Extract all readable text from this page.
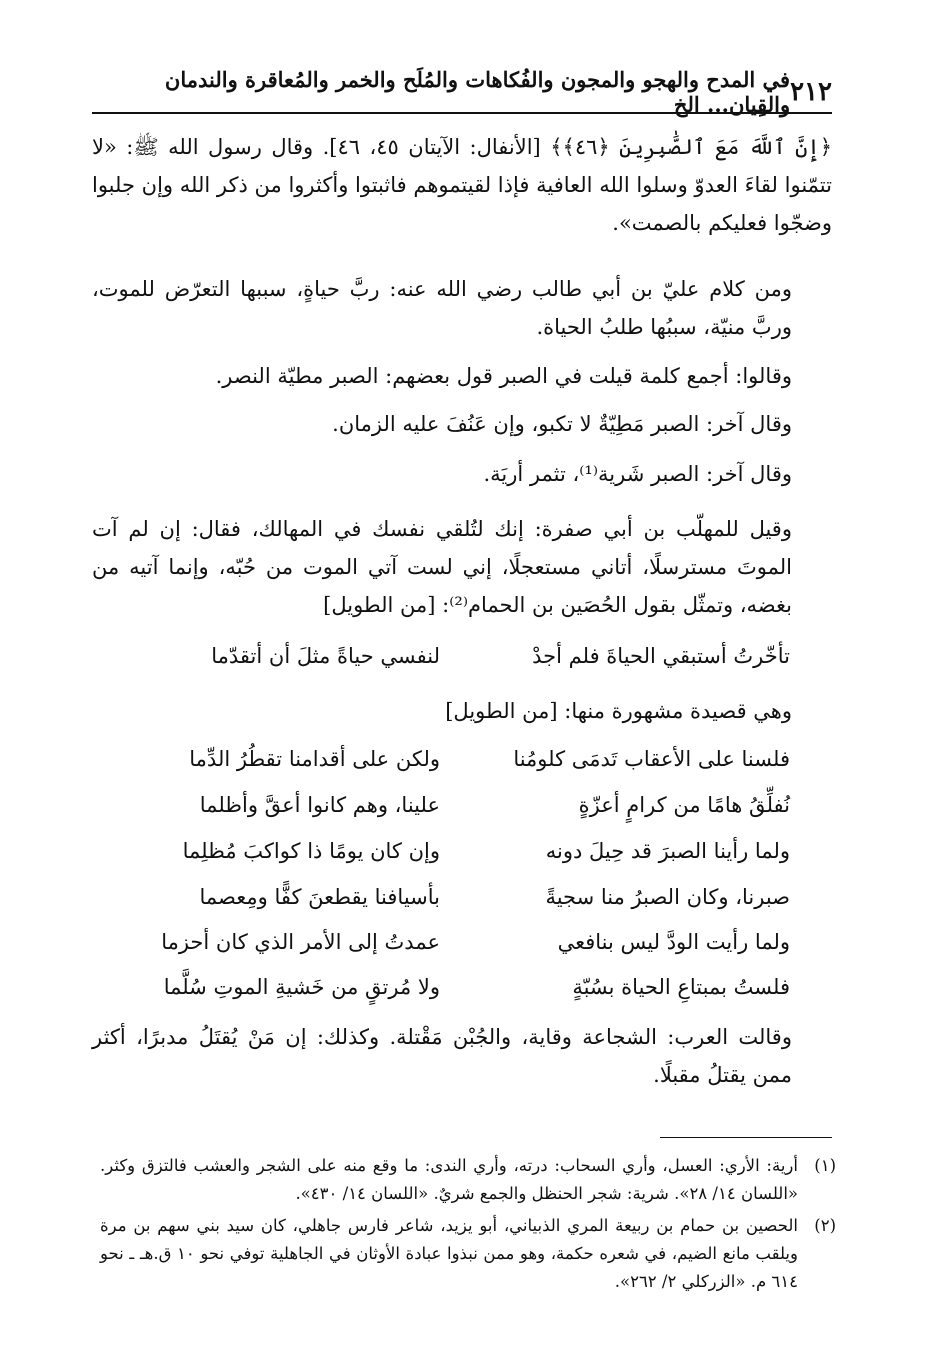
٢١٢
في المدح والهجو والمجون والفُكاهات والمُلَح والخمر والمُعاقرة والندمان والقِيان... الخ

﴿إِنَّ ٱللَّهَ مَعَ ٱلصَّٰبِرِينَ ﴿٤٦﴾﴾ [الأنفال: الآيتان ٤٥، ٤٦]. وقال رسول الله ﷺ: «لا تتمّنوا لقاءَ العدوّ وسلوا الله العافية فإذا لقيتموهم فاثبتوا وأكثروا من ذكر الله وإن جلبوا وضجّوا فعليكم بالصمت».

ومن كلام عليّ بن أبي طالب رضي الله عنه: ربَّ حياةٍ، سببها التعرّض للموت، وربَّ منيّة، سببُها طلبُ الحياة.

وقالوا: أجمع كلمة قيلت في الصبر قول بعضهم: الصبر مطيّة النصر.

وقال آخر: الصبر مَطِيّةٌ لا تكبو، وإن عَنُفَ عليه الزمان.

وقال آخر: الصبر شَرية⁽¹⁾، تثمر أريَة.

وقيل للمهلّب بن أبي صفرة: إنك لتُلقي نفسك في المهالك، فقال: إن لم آت الموتَ مسترسلًا، أتاني مستعجلًا، إني لست آتي الموت من حُبّه، وإنما آتيه من بغضه، وتمثّل بقول الحُصَين بن الحمام⁽²⁾: [من الطويل]

تأخّرتُ أستبقي الحياةَ فلم أجدْ
لنفسي حياةً مثلَ أن أتقدّما

وهي قصيدة مشهورة منها: [من الطويل]

فلسنا على الأعقاب تَدمَى كلومُنا
ولكن على أقدامنا تقطُرُ الدِّما
نُفلِّقُ هامًا من كرامٍ أعزّةٍ
علينا، وهم كانوا أعقَّ وأظلما
ولما رأينا الصبرَ قد حِيلَ دونه
وإن كان يومًا ذا كواكبَ مُظلِما
صبرنا، وكان الصبرُ منا سجيةً
بأسيافنا يقطعنَ كفًّا ومِعصما
ولما رأيت الودَّ ليس بنافعي
عمدتُ إلى الأمر الذي كان أحزما
فلستُ بمبتاعِ الحياة بسُبّةٍ
ولا مُرتقٍ من خَشيةِ الموتِ سُلَّما

وقالت العرب: الشجاعة وقاية، والجُبْن مَقْتلة. وكذلك: إن مَنْ يُقتَلُ مدبرًا، أكثر ممن يقتلُ مقبلًا.

(١)
أرية: الأري: العسل، وأري السحاب: درته، وأري الندى: ما وقع منه على الشجر والعشب فالتزق وكثر. «اللسان ١٤/ ٢٨». شرية: شجر الحنظل والجمع شريٌ. «اللسان ١٤/ ٤٣٠».
(٢)
الحصين بن حمام بن ربيعة المري الذبياني، أبو يزيد، شاعر فارس جاهلي، كان سيد بني سهم بن مرة ويلقب مانع الضيم، في شعره حكمة، وهو ممن نبذوا عبادة الأوثان في الجاهلية توفي نحو ١٠ ق.هـ ـ نحو ٦١٤ م. «الزركلي ٢/ ٢٦٢».
